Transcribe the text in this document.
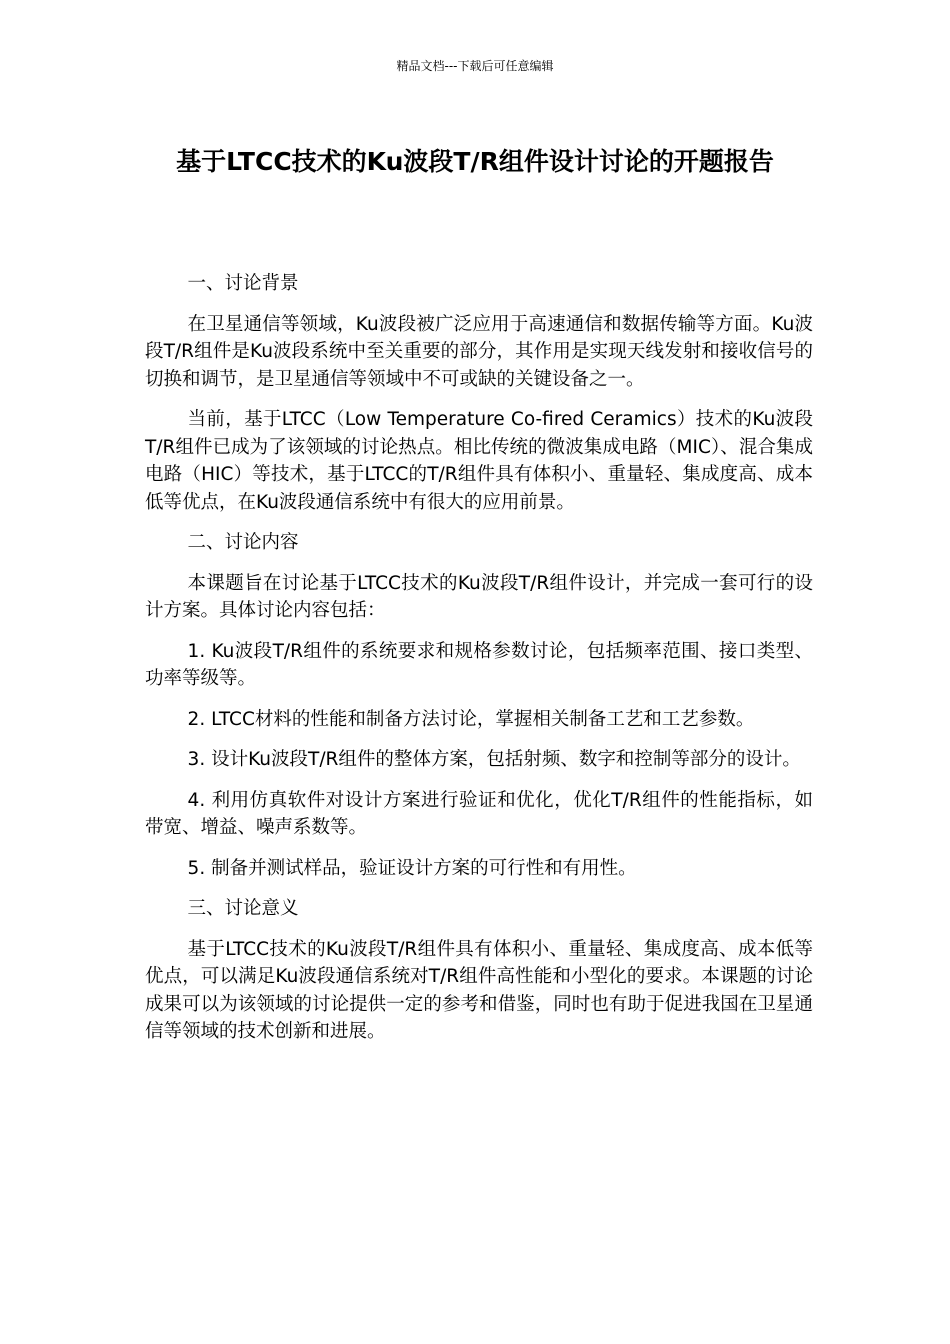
精品文档---下载后可任意编辑
基于LTCC技术的Ku波段T/R组件设计讨论的开题报告

一、讨论背景

在卫星通信等领域，Ku波段被广泛应用于高速通信和数据传输等方面。Ku波段T/R组件是Ku波段系统中至关重要的部分，其作用是实现天线发射和接收信号的切换和调节，是卫星通信等领域中不可或缺的关键设备之一。

当前，基于LTCC（Low Temperature Co-fired Ceramics）技术的Ku波段T/R组件已成为了该领域的讨论热点。相比传统的微波集成电路（MIC）、混合集成电路（HIC）等技术，基于LTCC的T/R组件具有体积小、重量轻、集成度高、成本低等优点，在Ku波段通信系统中有很大的应用前景。

二、讨论内容

本课题旨在讨论基于LTCC技术的Ku波段T/R组件设计，并完成一套可行的设计方案。具体讨论内容包括：

1. Ku波段T/R组件的系统要求和规格参数讨论，包括频率范围、接口类型、功率等级等。

2. LTCC材料的性能和制备方法讨论，掌握相关制备工艺和工艺参数。

3. 设计Ku波段T/R组件的整体方案，包括射频、数字和控制等部分的设计。

4. 利用仿真软件对设计方案进行验证和优化，优化T/R组件的性能指标，如带宽、增益、噪声系数等。

5. 制备并测试样品，验证设计方案的可行性和有用性。

三、讨论意义

基于LTCC技术的Ku波段T/R组件具有体积小、重量轻、集成度高、成本低等优点，可以满足Ku波段通信系统对T/R组件高性能和小型化的要求。本课题的讨论成果可以为该领域的讨论提供一定的参考和借鉴，同时也有助于促进我国在卫星通信等领域的技术创新和进展。
